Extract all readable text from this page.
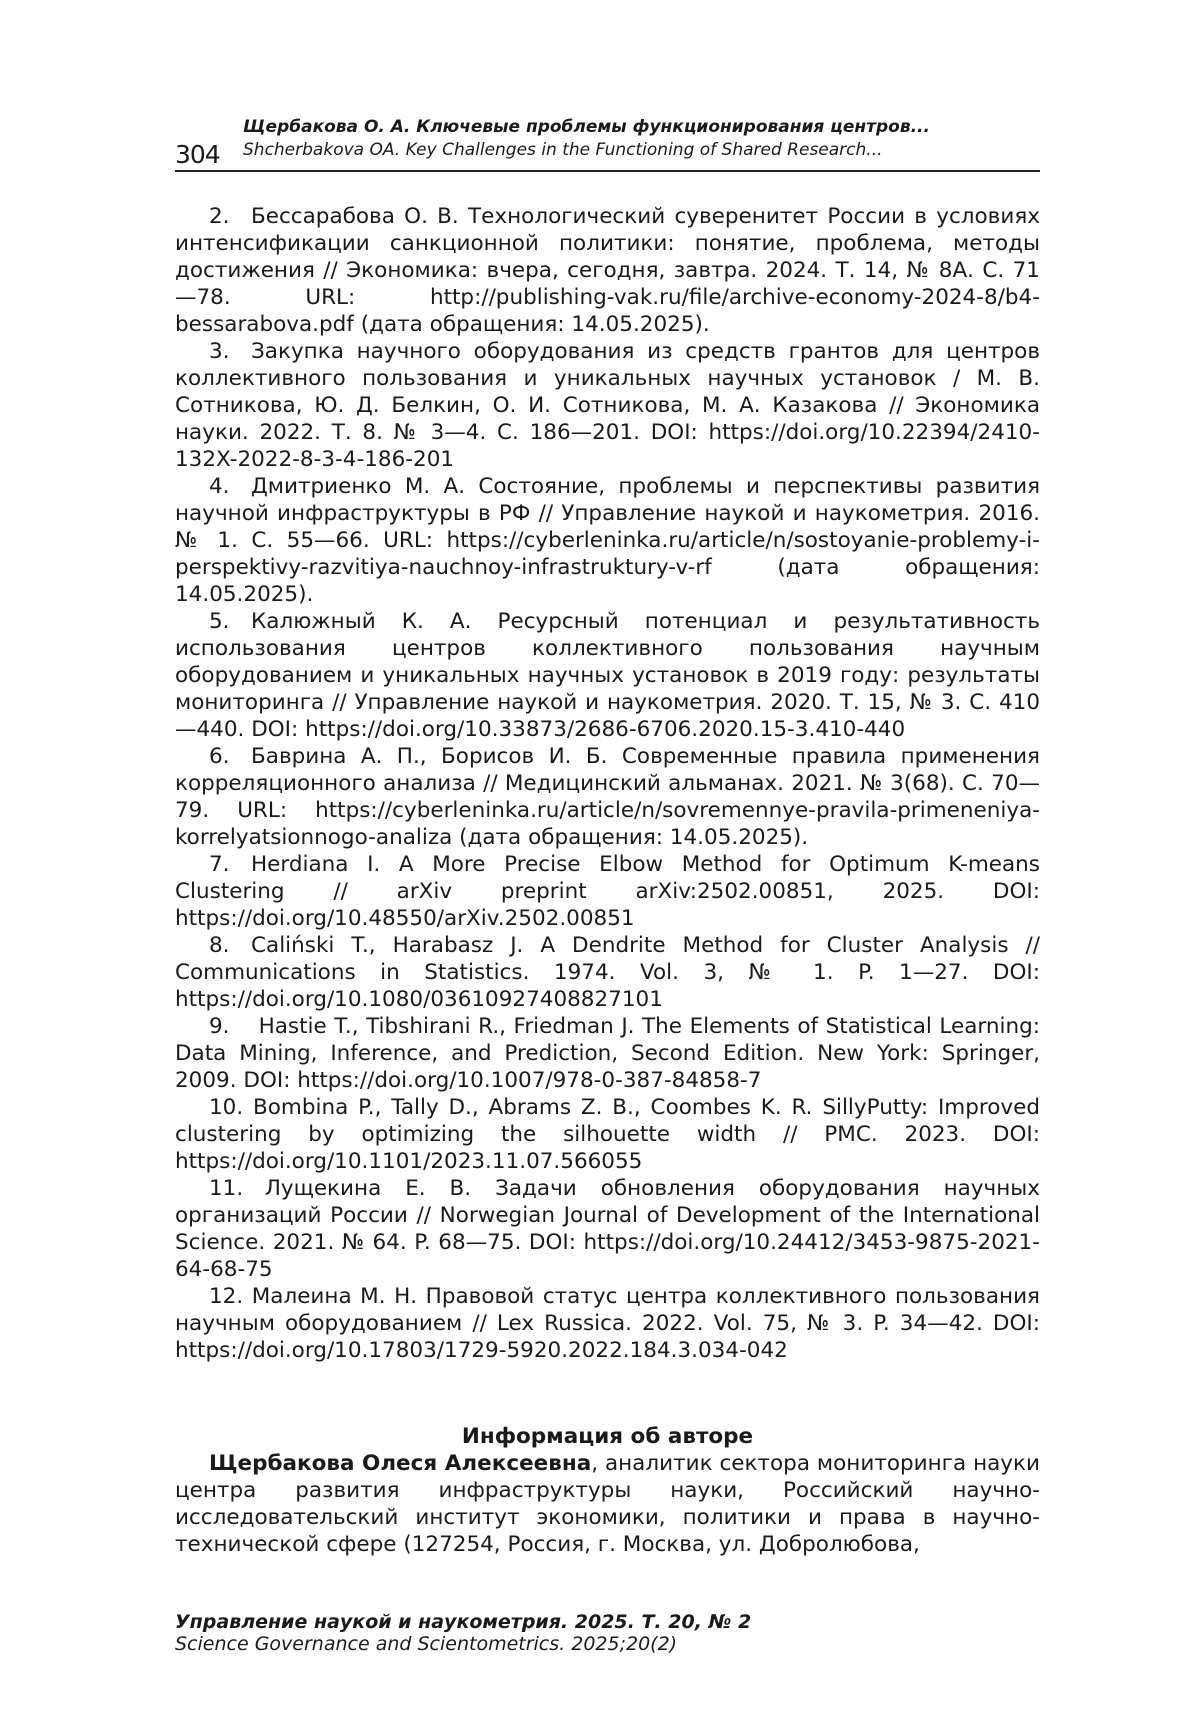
304
Щербакова О. А. Ключевые проблемы функционирования центров...
Shcherbakova OA. Key Challenges in the Functioning of Shared Research...

2. Бессарабова О. В. Технологический суверенитет России в условиях интенсификации санкционной политики: понятие, проблема, методы достижения // Экономика: вчера, сегодня, завтра. 2024. Т. 14, № 8А. С. 71—78. URL: http://publishing-vak.ru/file/archive-economy-2024-8/b4-bessarabova.pdf (дата обращения: 14.05.2025).

3. Закупка научного оборудования из средств грантов для центров коллективного пользования и уникальных научных установок / М. В. Сотникова, Ю. Д. Белкин, О. И. Сотникова, М. А. Казакова // Экономика науки. 2022. Т. 8. № 3—4. С. 186—201. DOI: https://doi.org/10.22394/2410-132X-2022-8-3-4-186-201

4. Дмитриенко М. А. Состояние, проблемы и перспективы развития научной инфраструктуры в РФ // Управление наукой и наукометрия. 2016. № 1. С. 55—66. URL: https://cyberleninka.ru/article/n/sostoyanie-problemy-i-perspektivy-razvitiya-nauchnoy-infrastruktury-v-rf (дата обращения: 14.05.2025).

5. Калюжный К. А. Ресурсный потенциал и результативность использования центров коллективного пользования научным оборудованием и уникальных научных установок в 2019 году: результаты мониторинга // Управление наукой и наукометрия. 2020. Т. 15, № 3. С. 410—440. DOI: https://doi.org/10.33873/2686-6706.2020.15-3.410-440

6. Баврина А. П., Борисов И. Б. Современные правила применения корреляционного анализа // Медицинский альманах. 2021. № 3(68). С. 70—79. URL: https://cyberleninka.ru/article/n/sovremennye-pravila-primeneniya-korrelyatsionnogo-analiza (дата обращения: 14.05.2025).

7. Herdiana I. A More Precise Elbow Method for Optimum K-means Clustering // arXiv preprint arXiv:2502.00851, 2025. DOI: https://doi.org/10.48550/arXiv.2502.00851

8. Caliński T., Harabasz J. A Dendrite Method for Cluster Analysis // Communications in Statistics. 1974. Vol. 3, № 1. P. 1—27. DOI: https://doi.org/10.1080/03610927408827101

9.  Hastie T., Tibshirani R., Friedman J. The Elements of Statistical Learning: Data Mining, Inference, and Prediction, Second Edition. New York: Springer, 2009. DOI: https://doi.org/10.1007/978-0-387-84858-7

10. Bombina P., Tally D., Abrams Z. B., Coombes K. R. SillyPutty: Improved clustering by optimizing the silhouette width // PMC. 2023. DOI: https://doi.org/10.1101/2023.11.07.566055

11. Лущекина Е. В. Задачи обновления оборудования научных организаций России // Norwegian Journal of Development of the International Science. 2021. № 64. P. 68—75. DOI: https://doi.org/10.24412/3453-9875-2021-64-68-75

12. Малеина М. Н. Правовой статус центра коллективного пользования научным оборудованием // Lex Russica. 2022. Vol. 75, № 3. P. 34—42. DOI: https://doi.org/10.17803/1729-5920.2022.184.3.034-042

Информация об авторе

Щербакова Олеся Алексеевна, аналитик сектора мониторинга науки центра развития инфраструктуры науки, Российский научно-исследовательский институт экономики, политики и права в научно-технической сфере (127254, Россия, г. Москва, ул. Добролюбова,

Управление наукой и наукометрия. 2025. Т. 20, № 2
Science Governance and Scientometrics. 2025;20(2)
